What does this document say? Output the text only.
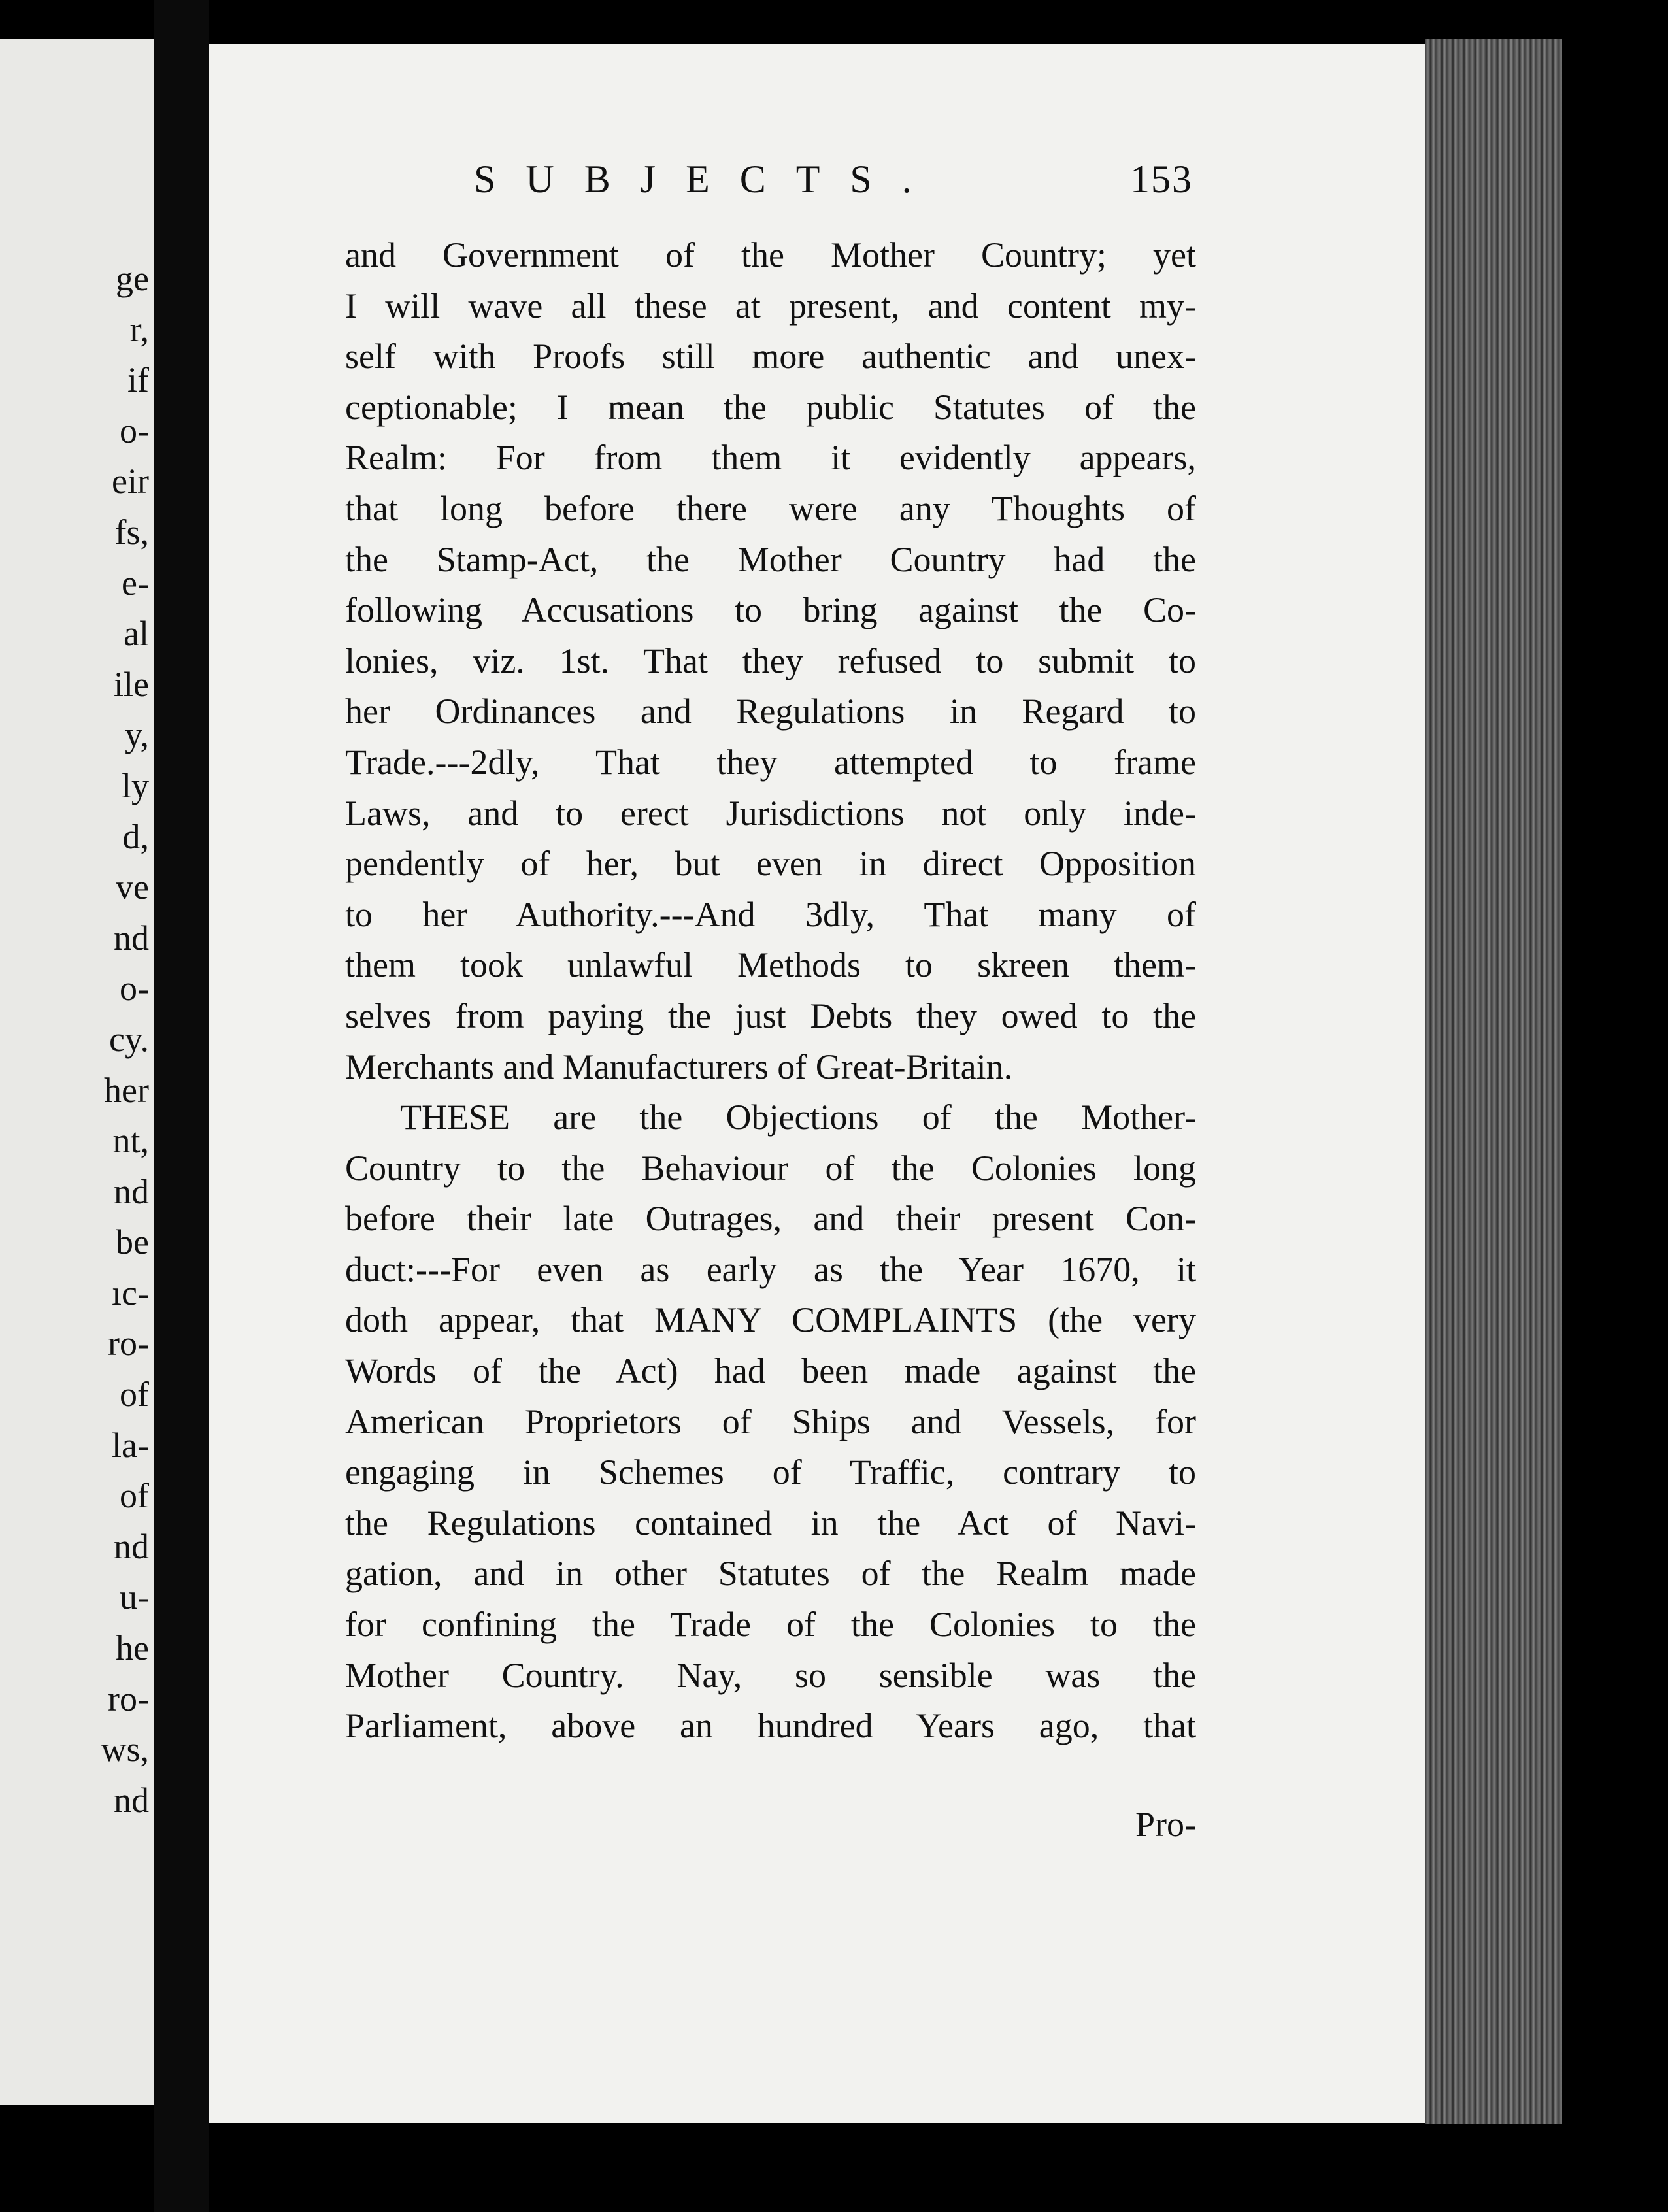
ge
r,
if
o-
eir
fs,
e-
al
ile
y,
ly
d,
ve
nd
o-
cy.
her
nt,
nd
be
ıc-
ro-
of
la-
of
nd
u-
he
ro-
ws,
nd
SUBJECTS.	153
and Government of the Mother Country; yet
I will wave all these at present, and content my-
self with Proofs still more authentic and unex-
ceptionable; I mean the public Statutes of the
Realm: For from them it evidently appears,
that long before there were any Thoughts of
the Stamp-Act, the Mother Country had the
following Accusations to bring against the Co-
lonies, viz. 1st. That they refused to submit to
her Ordinances and Regulations in Regard to
Trade.---2dly, That they attempted to frame
Laws, and to erect Jurisdictions not only inde-
pendently of her, but even in direct Opposition
to her Authority.---And 3dly, That many of
them took unlawful Methods to skreen them-
selves from paying the just Debts they owed to the
Merchants and Manufacturers of Great-Britain.
THESE are the Objections of the Mother-
Country to the Behaviour of the Colonies long
before their late Outrages, and their present Con-
duct:---For even as early as the Year 1670, it
doth appear, that MANY COMPLAINTS (the very
Words of the Act) had been made against the
American Proprietors of Ships and Vessels, for
engaging in Schemes of Traffic, contrary to
the Regulations contained in the Act of Navi-
gation, and in other Statutes of the Realm made
for confining the Trade of the Colonies to the
Mother Country. Nay, so sensible was the
Parliament, above an hundred Years ago, that
Pro-
